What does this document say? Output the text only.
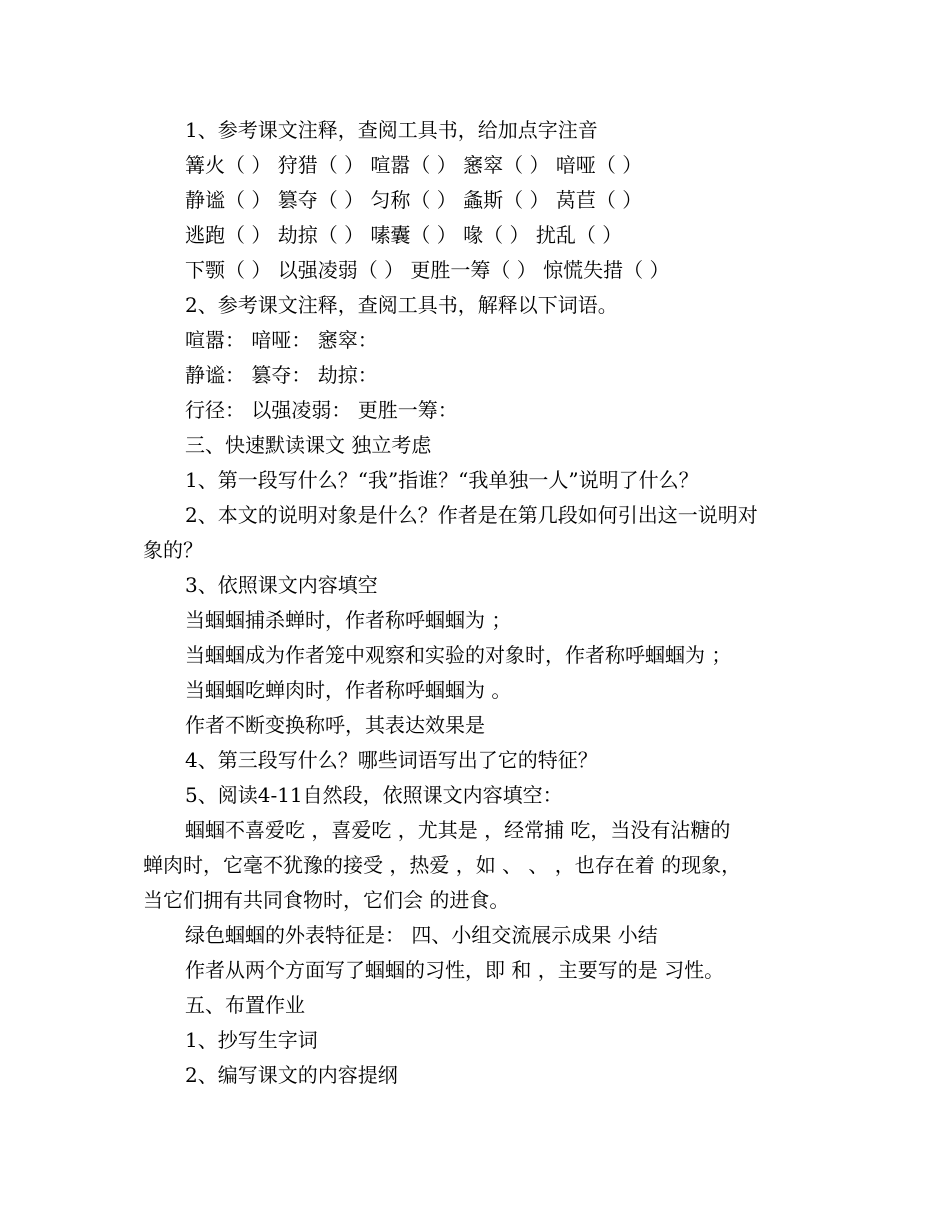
1、参考课文注释，查阅工具书，给加点字注音
篝火（ ） 狩猎（ ） 喧嚣（ ） 窸窣（ ） 喑哑（ ）
静谧（ ） 篡夺（ ） 匀称（ ） 螽斯（ ） 莴苣（ ）
逃跑（ ） 劫掠（ ） 嗉囊（ ） 喙（ ） 扰乱（ ）
下颚（ ） 以强凌弱（ ） 更胜一筹（ ） 惊慌失措（ ）
2、参考课文注释，查阅工具书，解释以下词语。
喧嚣： 喑哑： 窸窣：
静谧： 篡夺： 劫掠：
行径： 以强凌弱： 更胜一筹：
三、快速默读课文 独立考虑
1、第一段写什么？“我”指谁？“我单独一人”说明了什么？
2、本文的说明对象是什么？作者是在第几段如何引出这一说明对
象的？
3、依照课文内容填空
当蝈蝈捕杀蝉时，作者称呼蝈蝈为 ；
当蝈蝈成为作者笼中观察和实验的对象时，作者称呼蝈蝈为 ；
当蝈蝈吃蝉肉时，作者称呼蝈蝈为 。
作者不断变换称呼，其表达效果是
4、第三段写什么？哪些词语写出了它的特征？
5、阅读4-11自然段，依照课文内容填空：
蝈蝈不喜爱吃 ，喜爱吃 ，尤其是 ，经常捕 吃，当没有沾糖的
蝉肉时，它毫不犹豫的接受 ，热爱 ，如 、 、 ，也存在着 的现象，
当它们拥有共同食物时，它们会 的进食。
绿色蝈蝈的外表特征是： 四、小组交流展示成果 小结
作者从两个方面写了蝈蝈的习性，即 和 ，主要写的是 习性。
五、布置作业
1、抄写生字词
2、编写课文的内容提纲
